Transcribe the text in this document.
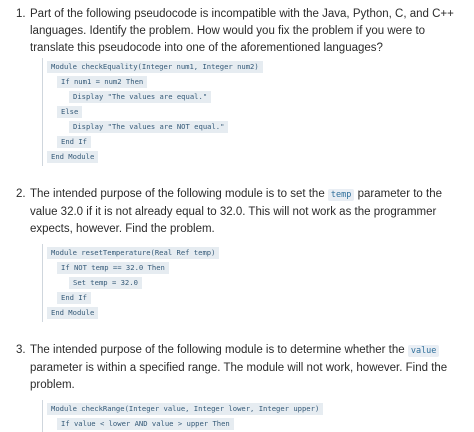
1. Part of the following pseudocode is incompatible with the Java, Python, C, and C++ languages. Identify the problem. How would you fix the problem if you were to translate this pseudocode into one of the aforementioned languages?
Module checkEquality(Integer num1, Integer num2)
If num1 = num2 Then
Display "The values are equal."
Else
Display "The values are NOT equal."
End If
End Module
2. The intended purpose of the following module is to set the temp parameter to the value 32.0 if it is not already equal to 32.0. This will not work as the programmer expects, however. Find the problem.
Module resetTemperature(Real Ref temp)
If NOT temp == 32.0 Then
Set temp = 32.0
End If
End Module
3. The intended purpose of the following module is to determine whether the value parameter is within a specified range. The module will not work, however. Find the problem.
Module checkRange(Integer value, Integer lower, Integer upper)
If value < lower AND value > upper Then
